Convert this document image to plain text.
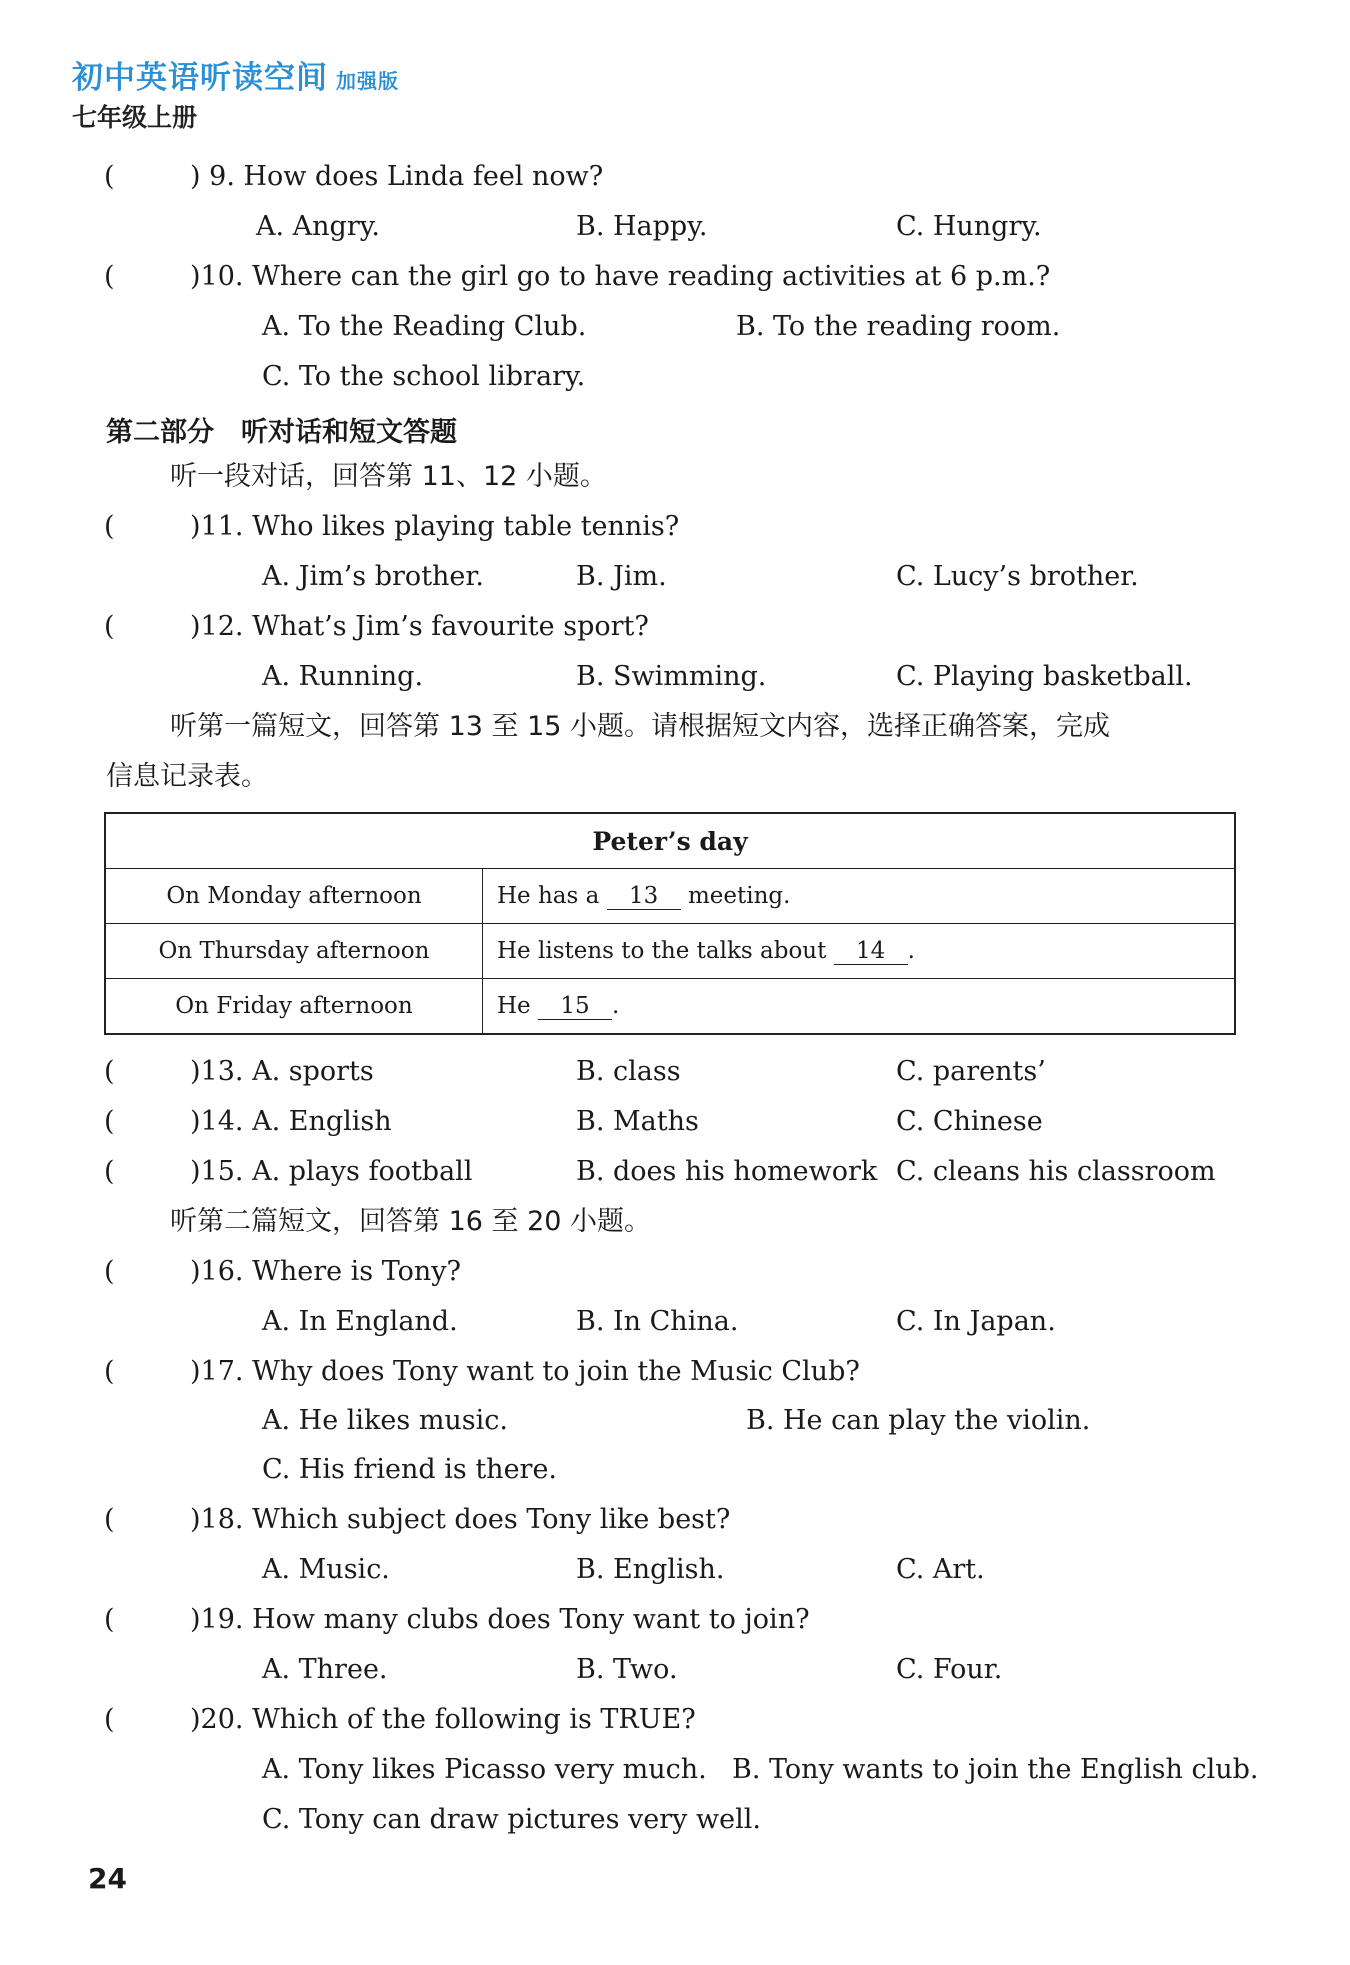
初中英语听读空间 加强版
七年级上册
(	) 9. How does Linda feel now?
A. Angry.	B. Happy.	C. Hungry.
(	)10. Where can the girl go to have reading activities at 6 p.m.?
A. To the Reading Club.	B. To the reading room.
C. To the school library.
第二部分　听对话和短文答题
听一段对话，回答第 11、12 小题。
(	)11. Who likes playing table tennis?
A. Jim’s brother.	B. Jim.	C. Lucy’s brother.
(	)12. What’s Jim’s favourite sport?
A. Running.	B. Swimming.	C. Playing basketball.
听第一篇短文，回答第 13 至 15 小题。请根据短文内容，选择正确答案，完成
信息记录表。
Peter’s day	
On Monday afternoon	He has a 13 meeting.
On Thursday afternoon	He listens to the talks about 14 .
On Friday afternoon	He 15 .
(	)13. A. sports	B. class	C. parents’
(	)14. A. English	B. Maths	C. Chinese
(	)15. A. plays football	B. does his homework C. cleans his classroom
听第二篇短文，回答第 16 至 20 小题。
(	)16. Where is Tony?
A. In England.	B. In China.	C. In Japan.
(	)17. Why does Tony want to join the Music Club?
A. He likes music.	B. He can play the violin.
C. His friend is there.
(	)18. Which subject does Tony like best?
A. Music.	B. English.	C. Art.
(	)19. How many clubs does Tony want to join?
A. Three.	B. Two.	C. Four.
(	)20. Which of the following is TRUE?
A. Tony likes Picasso very much. B. Tony wants to join the English club.
C. Tony can draw pictures very well.
24
